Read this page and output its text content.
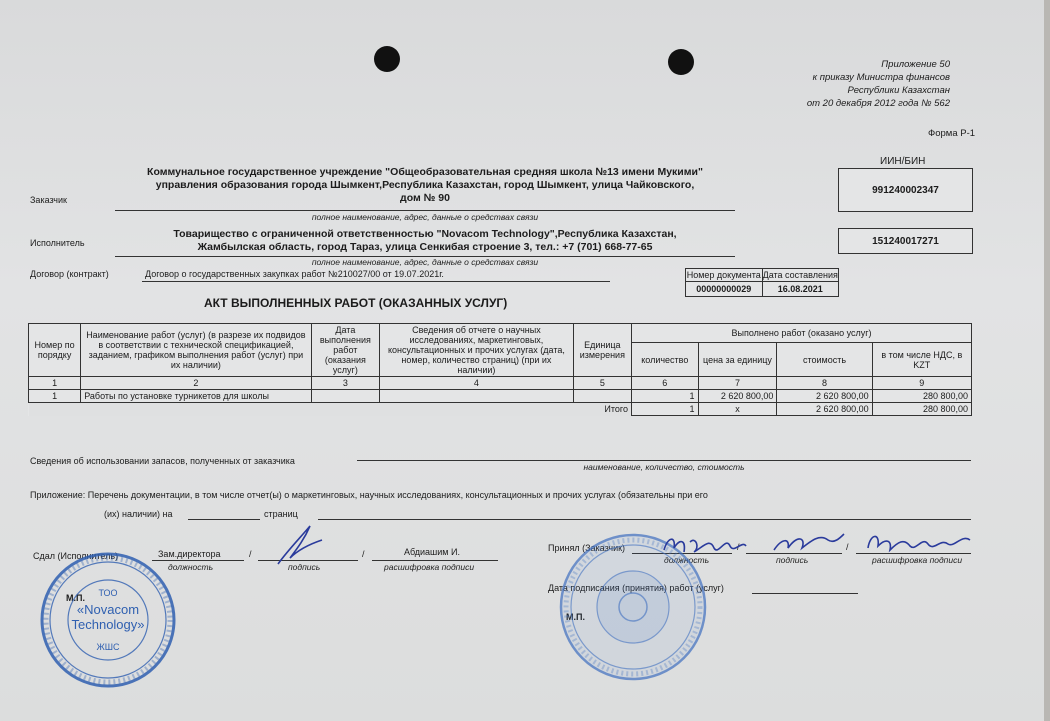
Приложение 50
к приказу Министра финансов
Республики Казахстан
от 20 декабря 2012 года № 562
Форма Р-1
ИИН/БИН
Заказчик
Коммунальное государственное учреждение "Общеобразовательная средняя школа №13 имени Мукими"
управления образования города Шымкент,Республика Казахстан, город Шымкент, улица Чайковского,
дом № 90
полное наименование, адрес, данные о средствах связи
991240002347
Исполнитель
Товарищество с ограниченной ответственностью "Novacom Technology",Республика Казахстан,
Жамбылская область, город Тараз, улица Сенкибая строение 3, тел.: +7 (701) 668-77-65
полное наименование, адрес, данные о средствах связи
151240017271
Договор (контракт)	Договор о государственных закупках работ №210027/00 от 19.07.2021г.	Номер документа Дата составления
00000000029	16.08.2021
АКТ ВЫПОЛНЕННЫХ РАБОТ (ОКАЗАННЫХ УСЛУГ)
Номер по порядку	Наименование работ (услуг) (в разрезе их подвидов в соответствии с технической спецификацией, заданием, графиком выполнения работ (услуг) при их наличии)	Дата выполнения работ (оказания услуг)	Сведения об отчете о научных исследованиях, маркетинговых, консультационных и прочих услугах (дата, номер, количество страниц) (при их наличии)	Единица измерения	Выполнено работ (оказано услуг)			
					количество	цена за единицу	стоимость	в том числе НДС, в KZT
1	2	3	4	5	6	7	8	9
1	Работы по установке турникетов для школы				1	2 620 800,00	2 620 800,00	280 800,00
Итого					1	x	2 620 800,00	280 800,00
Сведения об использовании запасов, полученных от заказчика
наименование, количество, стоимость
Приложение: Перечень документации, в том числе отчет(ы) о маркетинговых, научных исследованиях, консультационных и прочих услугах (обязательны при его
(их) наличии) на	страниц
Сдал (Исполнитель)	Зам.директора	/	/	Абдиашим И.
должность	подпись	расшифровка подписи
М.П.
Принял (Заказчик)	/	/
должность	подпись	расшифровка подписи
Дата подписания (принятия) работ (услуг)
М.П.
ТОО
«Novacom
Technology»
ЖШС
